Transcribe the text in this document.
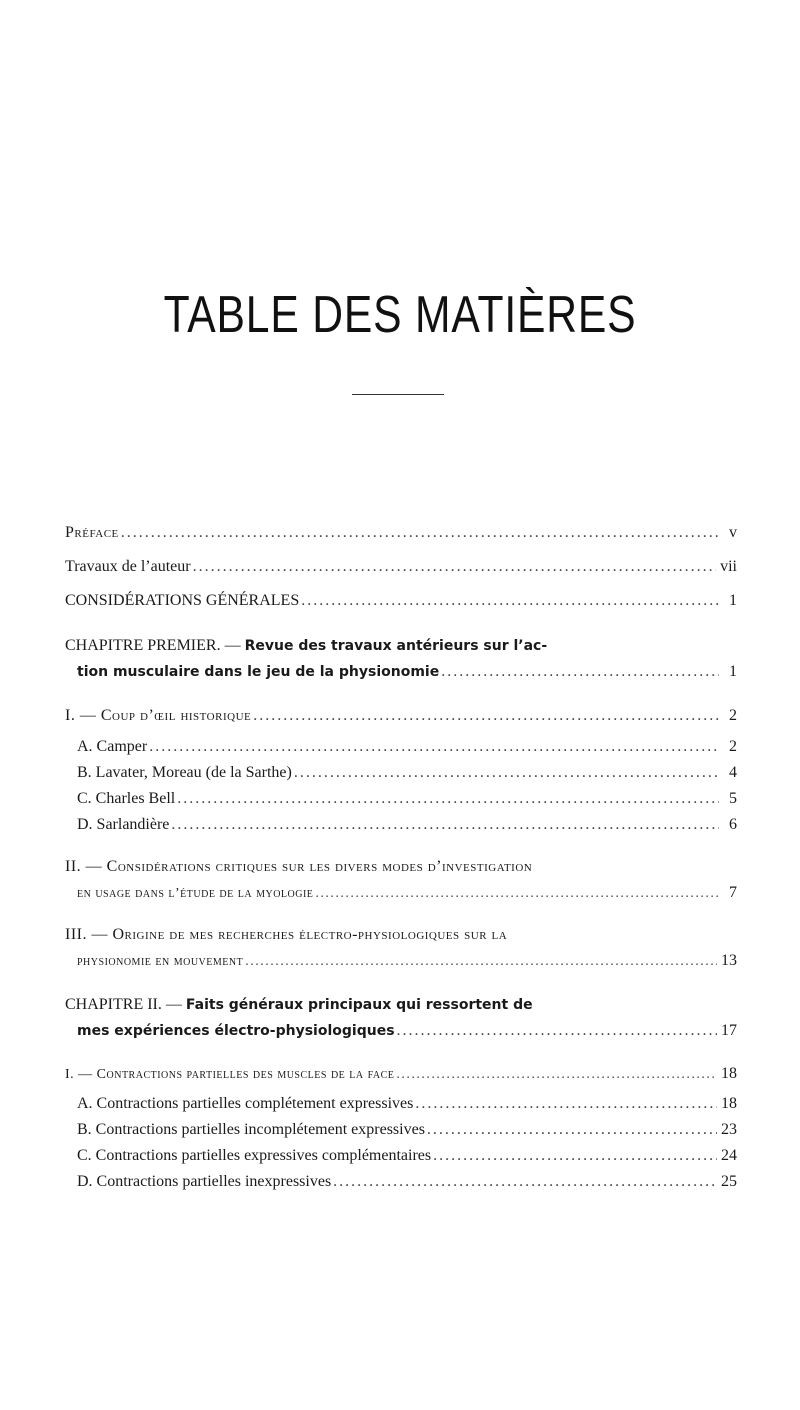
TABLE DES MATIÈRES
Préface . . .	v
Travaux de l’auteur . . .	vii
CONSIDÉRATIONS GÉNÉRALES . . .	1
CHAPITRE PREMIER. — Revue des travaux antérieurs sur l’ac-
tion musculaire dans le jeu de la physionomie . . .	1
I. — Coup d’œil historique . . .	2
A. Camper . . .	2
B. Lavater, Moreau (de la Sarthe) . . .	4
C. Charles Bell . . .	5
D. Sarlandière . . .	6
II. — Considérations critiques sur les divers modes d’investigation
en usage dans l’étude de la myologie . . .	7
III. — Origine de mes recherches électro-physiologiques sur la
physionomie en mouvement . . .	13
CHAPITRE II. — Faits généraux principaux qui ressortent de
mes expériences électro-physiologiques . . .	17
I. — Contractions partielles des muscles de la face . . .	18
A. Contractions partielles complétement expressives . . .	18
B. Contractions partielles incomplétement expressives . . .	23
C. Contractions partielles expressives complémentaires . . .	24
D. Contractions partielles inexpressives . . .	25
